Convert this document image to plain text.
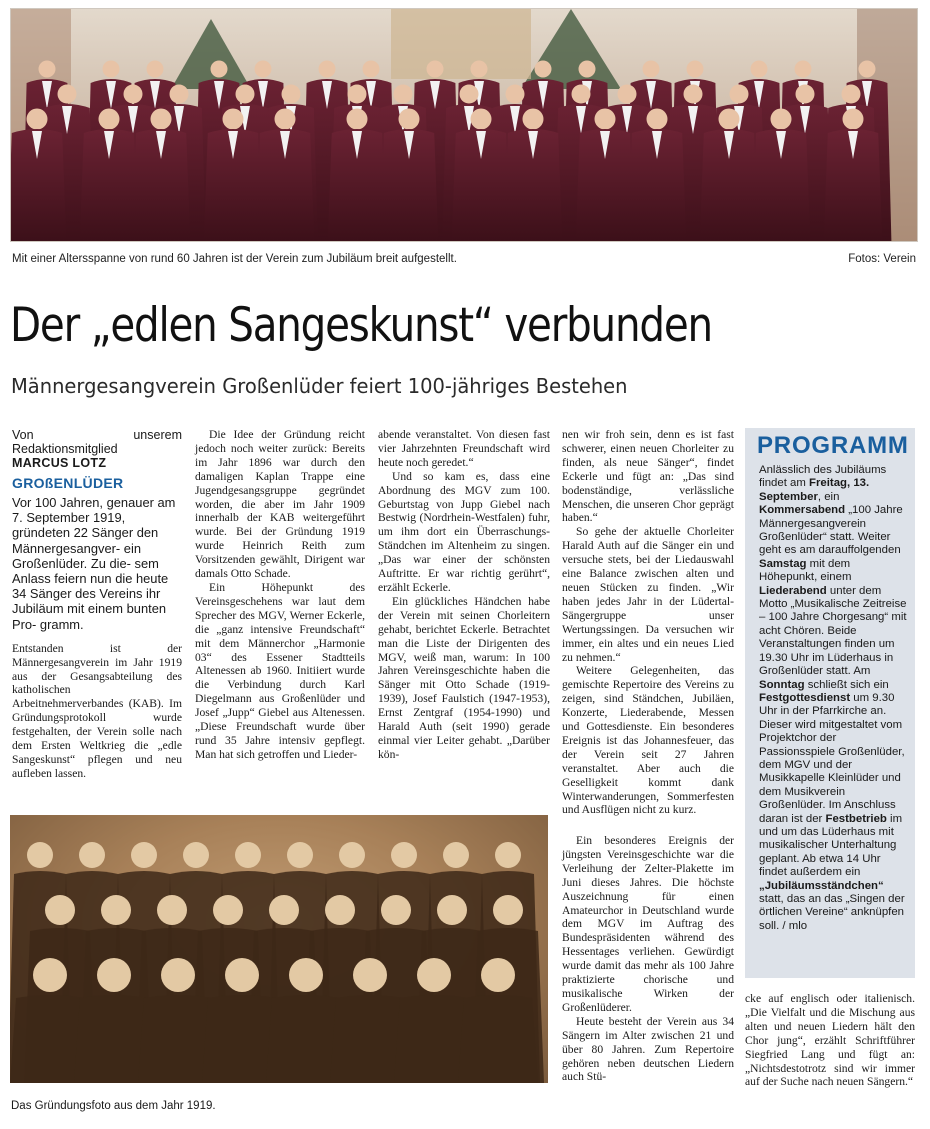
Mit einer Altersspanne von rund 60 Jahren ist der Verein zum Jubiläum breit aufgestellt.	Fotos: Verein
Der „edlen Sangeskunst“ verbunden
Männergesangverein Großenlüder feiert 100-jähriges Bestehen
Von unserem Redaktionsmitglied
MARCUS LOTZ
GROßENLÜDER
Vor 100 Jahren, genauer am 7. September 1919, gründeten 22 Sänger den Männergesangver- ein Großenlüder. Zu die- sem Anlass feiern nun die heute 34 Sänger des Vereins ihr Jubiläum mit einem bunten Pro- gramm.

Entstanden ist der Männergesangverein im Jahr 1919 aus der Gesangsabteilung des katholischen Arbeitnehmerverbandes (KAB). Im Gründungsprotokoll wurde festgehalten, der Verein solle nach dem Ersten Weltkrieg die „edle Sangeskunst“ pflegen und neu aufleben lassen.

Die Idee der Gründung reicht jedoch noch weiter zurück: Bereits im Jahr 1896 war durch den damaligen Kaplan Trappe eine Jugendgesangsgruppe gegründet worden, die aber im Jahr 1909 innerhalb der KAB weitergeführt wurde. Bei der Gründung 1919 wurde Heinrich Reith zum Vorsitzenden gewählt, Dirigent war damals Otto Schade.

Ein Höhepunkt des Vereinsgeschehens war laut dem Sprecher des MGV, Werner Eckerle, die „ganz intensive Freundschaft“ mit dem Männerchor „Harmonie 03“ des Essener Stadtteils Altenessen ab 1960. Initiiert wurde die Verbindung durch Karl Diegelmann aus Großenlüder und Josef „Jupp“ Giebel aus Altenessen. „Diese Freundschaft wurde über rund 35 Jahre intensiv gepflegt. Man hat sich getroffen und Lieder-

abende veranstaltet. Von diesen fast vier Jahrzehnten Freundschaft wird heute noch geredet.“

Und so kam es, dass eine Abordnung des MGV zum 100. Geburtstag von Jupp Giebel nach Bestwig (Nordrhein-Westfalen) fuhr, um ihm dort ein Überraschungs-Ständchen im Altenheim zu singen. „Das war einer der schönsten Auftritte. Er war richtig gerührt“, erzählt Eckerle.

Ein glückliches Händchen habe der Verein mit seinen Chorleitern gehabt, berichtet Eckerle. Betrachtet man die Liste der Dirigenten des MGV, weiß man, warum: In 100 Jahren Vereinsgeschichte haben die Sänger mit Otto Schade (1919-1939), Josef Faulstich (1947-1953), Ernst Zentgraf (1954-1990) und Harald Auth (seit 1990) gerade einmal vier Leiter gehabt. „Darüber kön-

nen wir froh sein, denn es ist fast schwerer, einen neuen Chorleiter zu finden, als neue Sänger“, findet Eckerle und fügt an: „Das sind bodenständige, verlässliche Menschen, die unseren Chor geprägt haben.“

So gehe der aktuelle Chorleiter Harald Auth auf die Sänger ein und versuche stets, bei der Liedauswahl eine Balance zwischen alten und neuen Stücken zu finden. „Wir haben jedes Jahr in der Lüdertal-Sängergruppe unser Wertungssingen. Da versuchen wir immer, ein altes und ein neues Lied zu nehmen.“

Weitere Gelegenheiten, das gemischte Repertoire des Vereins zu zeigen, sind Ständchen, Jubiläen, Konzerte, Liederabende, Messen und Gottesdienste. Ein besonderes Ereignis ist das Johannesfeuer, das der Verein seit 27 Jahren veranstaltet. Aber auch die Geselligkeit kommt dank Winterwanderungen, Sommerfesten und Ausflügen nicht zu kurz.

Ein besonderes Ereignis der jüngsten Vereinsgeschichte war die Verleihung der Zelter-Plakette im Juni dieses Jahres. Die höchste Auszeichnung für einen Amateurchor in Deutschland wurde dem MGV im Auftrag des Bundespräsidenten während des Hessentages verliehen. Gewürdigt wurde damit das mehr als 100 Jahre praktizierte chorische und musikalische Wirken der Großenlüderer.

Heute besteht der Verein aus 34 Sängern im Alter zwischen 21 und über 80 Jahren. Zum Repertoire gehören neben deutschen Liedern auch Stü-

Das Gründungsfoto aus dem Jahr 1919.
PROGRAMM
Anlässlich des Jubiläums findet am Freitag, 13. September, ein Kommersabend „100 Jahre Männergesangverein Großenlüder“ statt. Weiter geht es am darauffolgenden Samstag mit dem Höhepunkt, einem Liederabend unter dem Motto „Musikalische Zeitreise – 100 Jahre Chorgesang“ mit acht Chören. Beide Veranstaltungen finden um 19.30 Uhr im Lüderhaus in Großenlüder statt. Am Sonntag schließt sich ein Festgottesdienst um 9.30 Uhr in der Pfarrkirche an. Dieser wird mitgestaltet vom Projektchor der Passionsspiele Großenlüder, dem MGV und der Musikkapelle Kleinlüder und dem Musikverein Großenlüder. Im Anschluss daran ist der Festbetrieb im und um das Lüderhaus mit musikalischer Unterhaltung geplant. Ab etwa 14 Uhr findet außerdem ein „Jubiläumsständchen“ statt, das an das „Singen der örtlichen Vereine“ anknüpfen soll. / mlo

cke auf englisch oder italienisch. „Die Vielfalt und die Mischung aus alten und neuen Liedern hält den Chor jung“, erzählt Schriftführer Siegfried Lang und fügt an: „Nichtsdestotrotz sind wir immer auf der Suche nach neuen Sängern.“
